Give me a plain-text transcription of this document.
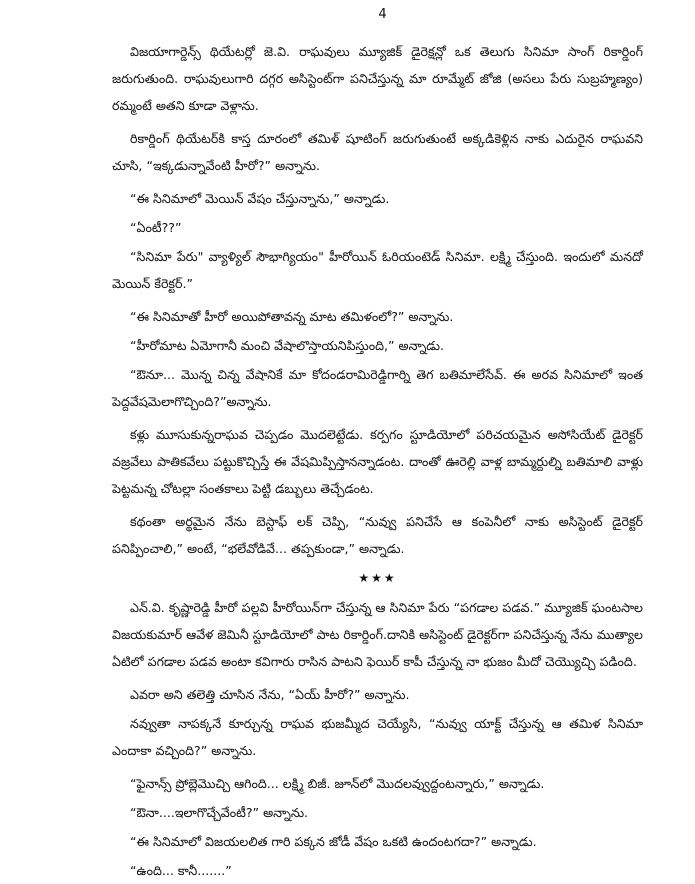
4

విజయాగార్డెన్స్ థియేటర్లో జె.వి. రాఘవులు మ్యూజిక్ డైరెక్షన్లో ఒక తెలుగు సినిమా సాంగ్ రికార్డింగ్ జరుగుతుంది. రాఘవులుగారి దగ్గర అసిస్టెంట్‌గా పనిచేస్తున్న మా రూమ్మేట్ జోజి (అసలు పేరు సుబ్రహ్మణ్యం) రమ్మంటే అతని కూడా వెళ్లాను.

రికార్డింగ్ థియేటర్‌కి కాస్త దూరంలో తమిళ్ షూటింగ్ జరుగుతుంటే అక్కడికెళ్లిన నాకు ఎదురైన రాఘవని చూసి, “ఇక్కడున్నావేంటి హీరో?” అన్నాను.

“ఈ సినిమాలో మెయిన్ వేషం చేస్తున్నాను,” అన్నాడు.

“ఏంటీ??”

“సినిమా పేరు" వ్యాళ్యిల్ సౌభాగ్యియం" హీరోయిన్ ఓరియంటెడ్ సినిమా. లక్ష్మి చేస్తుంది. ఇందులో మనదో మెయిన్ కేరెక్టర్.”

“ఈ సినిమాతో హీరో అయిపోతావన్న మాట తమిళంలో?” అన్నాను.

“హీరోమాట ఏమోగానీ మంచి వేషాలొస్తాయనిపిస్తుంది,” అన్నాడు.

“ఔనూ... మొన్న చిన్న వేషానికే మా కోదండరామిరెడ్డిగార్ని తెగ బతిమాలేసేవ్. ఈ అరవ సినిమాలో ఇంత పెద్దవేషమెలాగొచ్చింది?”అన్నాను.

కళ్లు మూసుకున్నరాఘవ చెప్పడం మొదలెట్టేడు. కర్పగం స్టూడియోలో పరిచయమైన అసోసియేట్ డైరెక్టర్ వజ్రవేలు పాతికవేలు పట్టుకొచ్చిస్తే ఈ వేషమిప్పిస్తానన్నాడంట. దాంతో ఊరెల్లి వాళ్ల బామ్మర్దుల్ని బతిమాలి వాళ్లు పెట్టమన్న చోటల్లా సంతకాలు పెట్టి డబ్బులు తెచ్చేడంట.

కథంతా అర్థమైన నేను బెస్టాఫ్ లక్ చెప్పి, “నువ్వు పనిచేసే ఆ కంపెనీలో నాకు అసిస్టెంట్ డైరెక్టర్ పనిప్పించాలి,” అంటే, “భలేవోడివే... తప్పకుండా,” అన్నాడు.

★★★

ఎన్.వి. కృష్ణారెడ్డి హీరో పల్లవి హీరోయిన్‌గా చేస్తున్న ఆ సినిమా పేరు “పగడాల పడవ.” మ్యూజిక్ ఘంటసాల విజయకుమార్ ఆవేళ జెమినీ స్టూడియోలో పాట రికార్డింగ్.దానికి అసిస్టెంట్ డైరెక్టర్‌గా పనిచేస్తున్న నేను ముత్యాల ఏటిలో పగడాల పడవ అంటా కవిగారు రాసిన పాటని ఫెయిర్ కాపీ చేస్తున్న నా భుజం మీదో చెయ్యొచ్చి పడింది.

ఎవరా అని తలెత్తి చూసిన నేను, “ఏయ్ హీరో?” అన్నాను.

నవ్వుతా నాపక్కనే కూర్చున్న రాఘవ భుజమ్మీద చెయ్యేసి, “నువ్వు యాక్ట్ చేస్తున్న ఆ తమిళ సినిమా ఎందాకా వచ్చింది?” అన్నాను.

“ఫైనాన్స్ ప్రోబ్లెమొచ్చి ఆగింది... లక్ష్మి బిజీ. జూన్‌లో మొదలవ్వుద్దంటన్నారు,” అన్నాడు.

“ఔనా....ఇలాగొచ్చేవేంటీ?” అన్నాను.

“ఈ సినిమాలో విజయలలిత గారి పక్కన జోడీ వేషం ఒకటి ఉందంటగదా?” అన్నాడు.

“ఉంది... కానీ.......”
